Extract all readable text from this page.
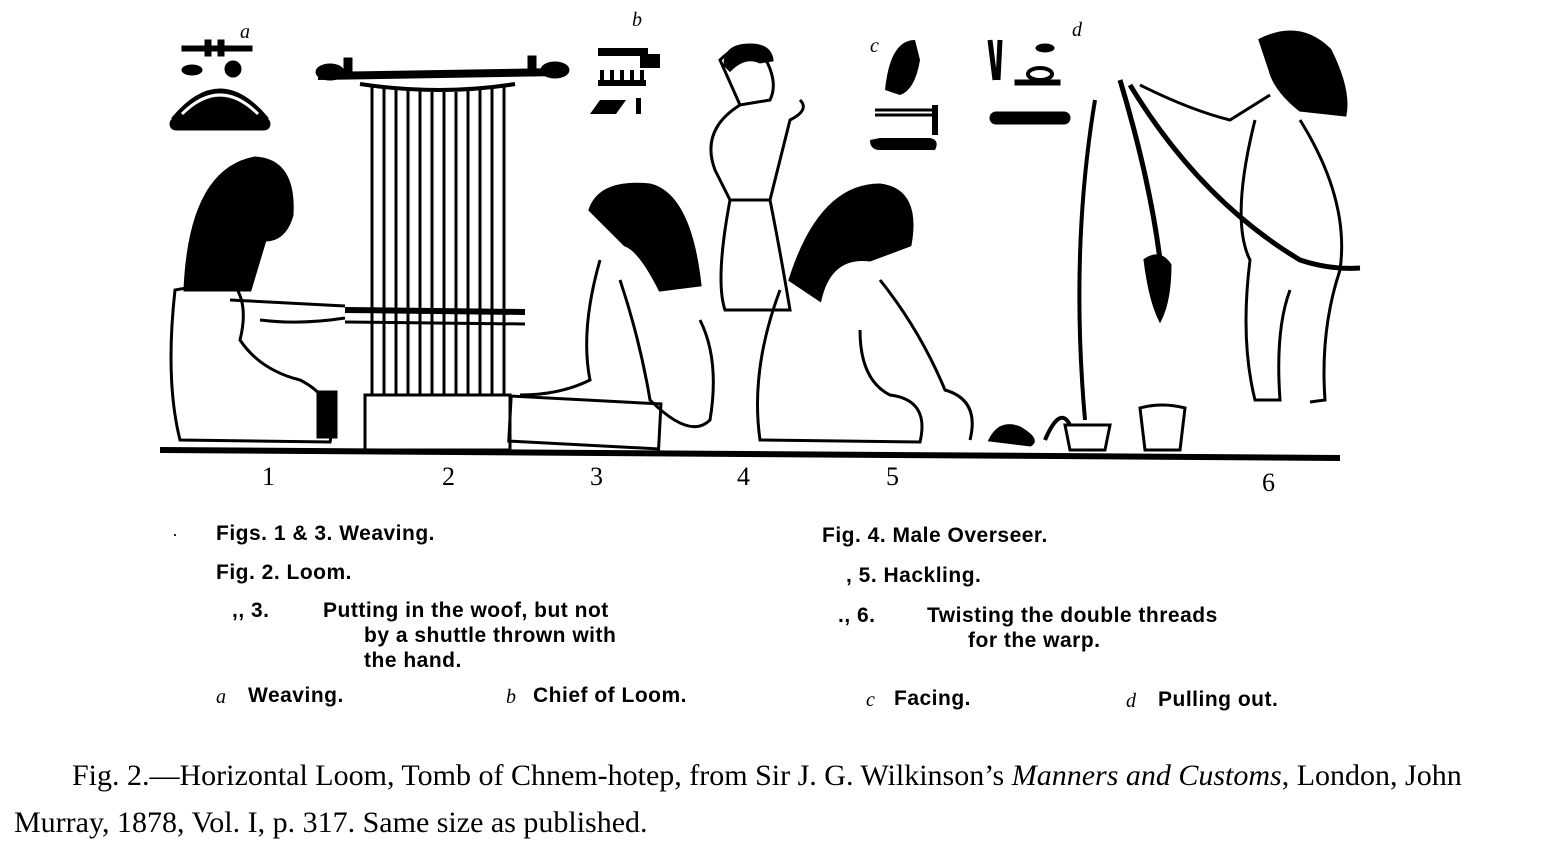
a
b
c
d
1	2	3	4	5	6
· Figs. 1 & 3. Weaving.
Fig. 2. Loom.
,, 3.	Putting in the woof, but not
by a shuttle thrown with
the hand.
Fig. 4. Male Overseer.
, 5. Hackling.
., 6. Twisting the double threads
for the warp.
a Weaving.	b Chief of Loom.	c Facing.	d Pulling out.
Fig. 2.—Horizontal Loom, Tomb of Chnem-hotep, from Sir J. G. Wilkinson’s Manners and Customs, London, John Murray, 1878, Vol. I, p. 317. Same size as published.
